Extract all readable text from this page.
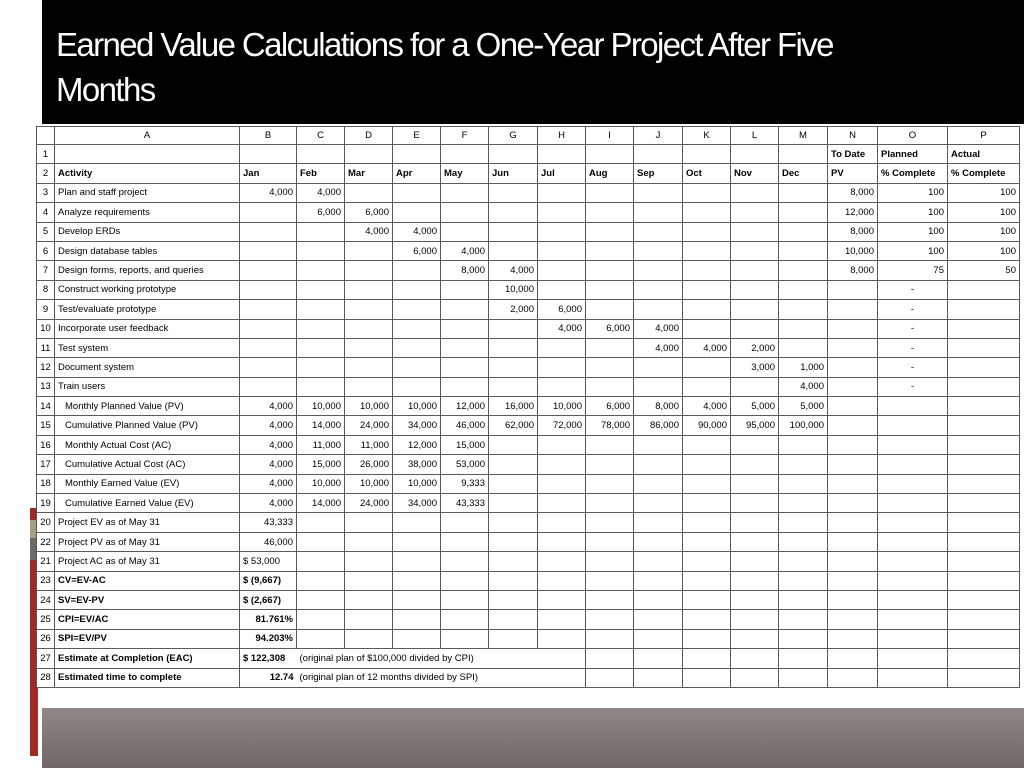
Earned Value Calculations for a One-Year Project After Five Months
	A	B	C	D	E	F	G	H	I	J	K	L	M	N	O	P
1														To Date	Planned	Actual
2	Activity	Jan	Feb	Mar	Apr	May	Jun	Jul	Aug	Sep	Oct	Nov	Dec	PV	% Complete	% Complete
3	Plan and staff project	4,000	4,000											8,000	100	100
4	Analyze requirements		6,000	6,000										12,000	100	100
5	Develop ERDs			4,000	4,000									8,000	100	100
6	Design database tables				6,000	4,000								10,000	100	100
7	Design forms, reports, and queries					8,000	4,000							8,000	75	50
8	Construct working prototype						10,000								-	
9	Test/evaluate prototype						2,000	6,000							-	
10	Incorporate user feedback							4,000	6,000	4,000					-	
11	Test system									4,000	4,000	2,000			-	
12	Document system											3,000	1,000		-	
13	Train users												4,000		-	
14	Monthly Planned Value (PV)	4,000	10,000	10,000	10,000	12,000	16,000	10,000	6,000	8,000	4,000	5,000	5,000			
15	Cumulative Planned Value (PV)	4,000	14,000	24,000	34,000	46,000	62,000	72,000	78,000	86,000	90,000	95,000	100,000			
16	Monthly Actual Cost (AC)	4,000	11,000	11,000	12,000	15,000										
17	Cumulative Actual Cost (AC)	4,000	15,000	26,000	38,000	53,000										
18	Monthly Earned Value (EV)	4,000	10,000	10,000	10,000	9,333										
19	Cumulative Earned Value (EV)	4,000	14,000	24,000	34,000	43,333										
20	Project EV as of May 31	43,333														
22	Project PV as of May 31	46,000														
21	Project AC as of May 31	$ 53,000														
23	CV=EV-AC	$ (9,667)														
24	SV=EV-PV	$ (2,667)														
25	CPI=EV/AC	81.761%														
26	SPI=EV/PV	94.203%														
27	Estimate at Completion (EAC)	$ 122,308	(original plan of $100,000 divided by CPI)													
28	Estimated time to complete	12.74	(original plan of 12 months divided by SPI)													
